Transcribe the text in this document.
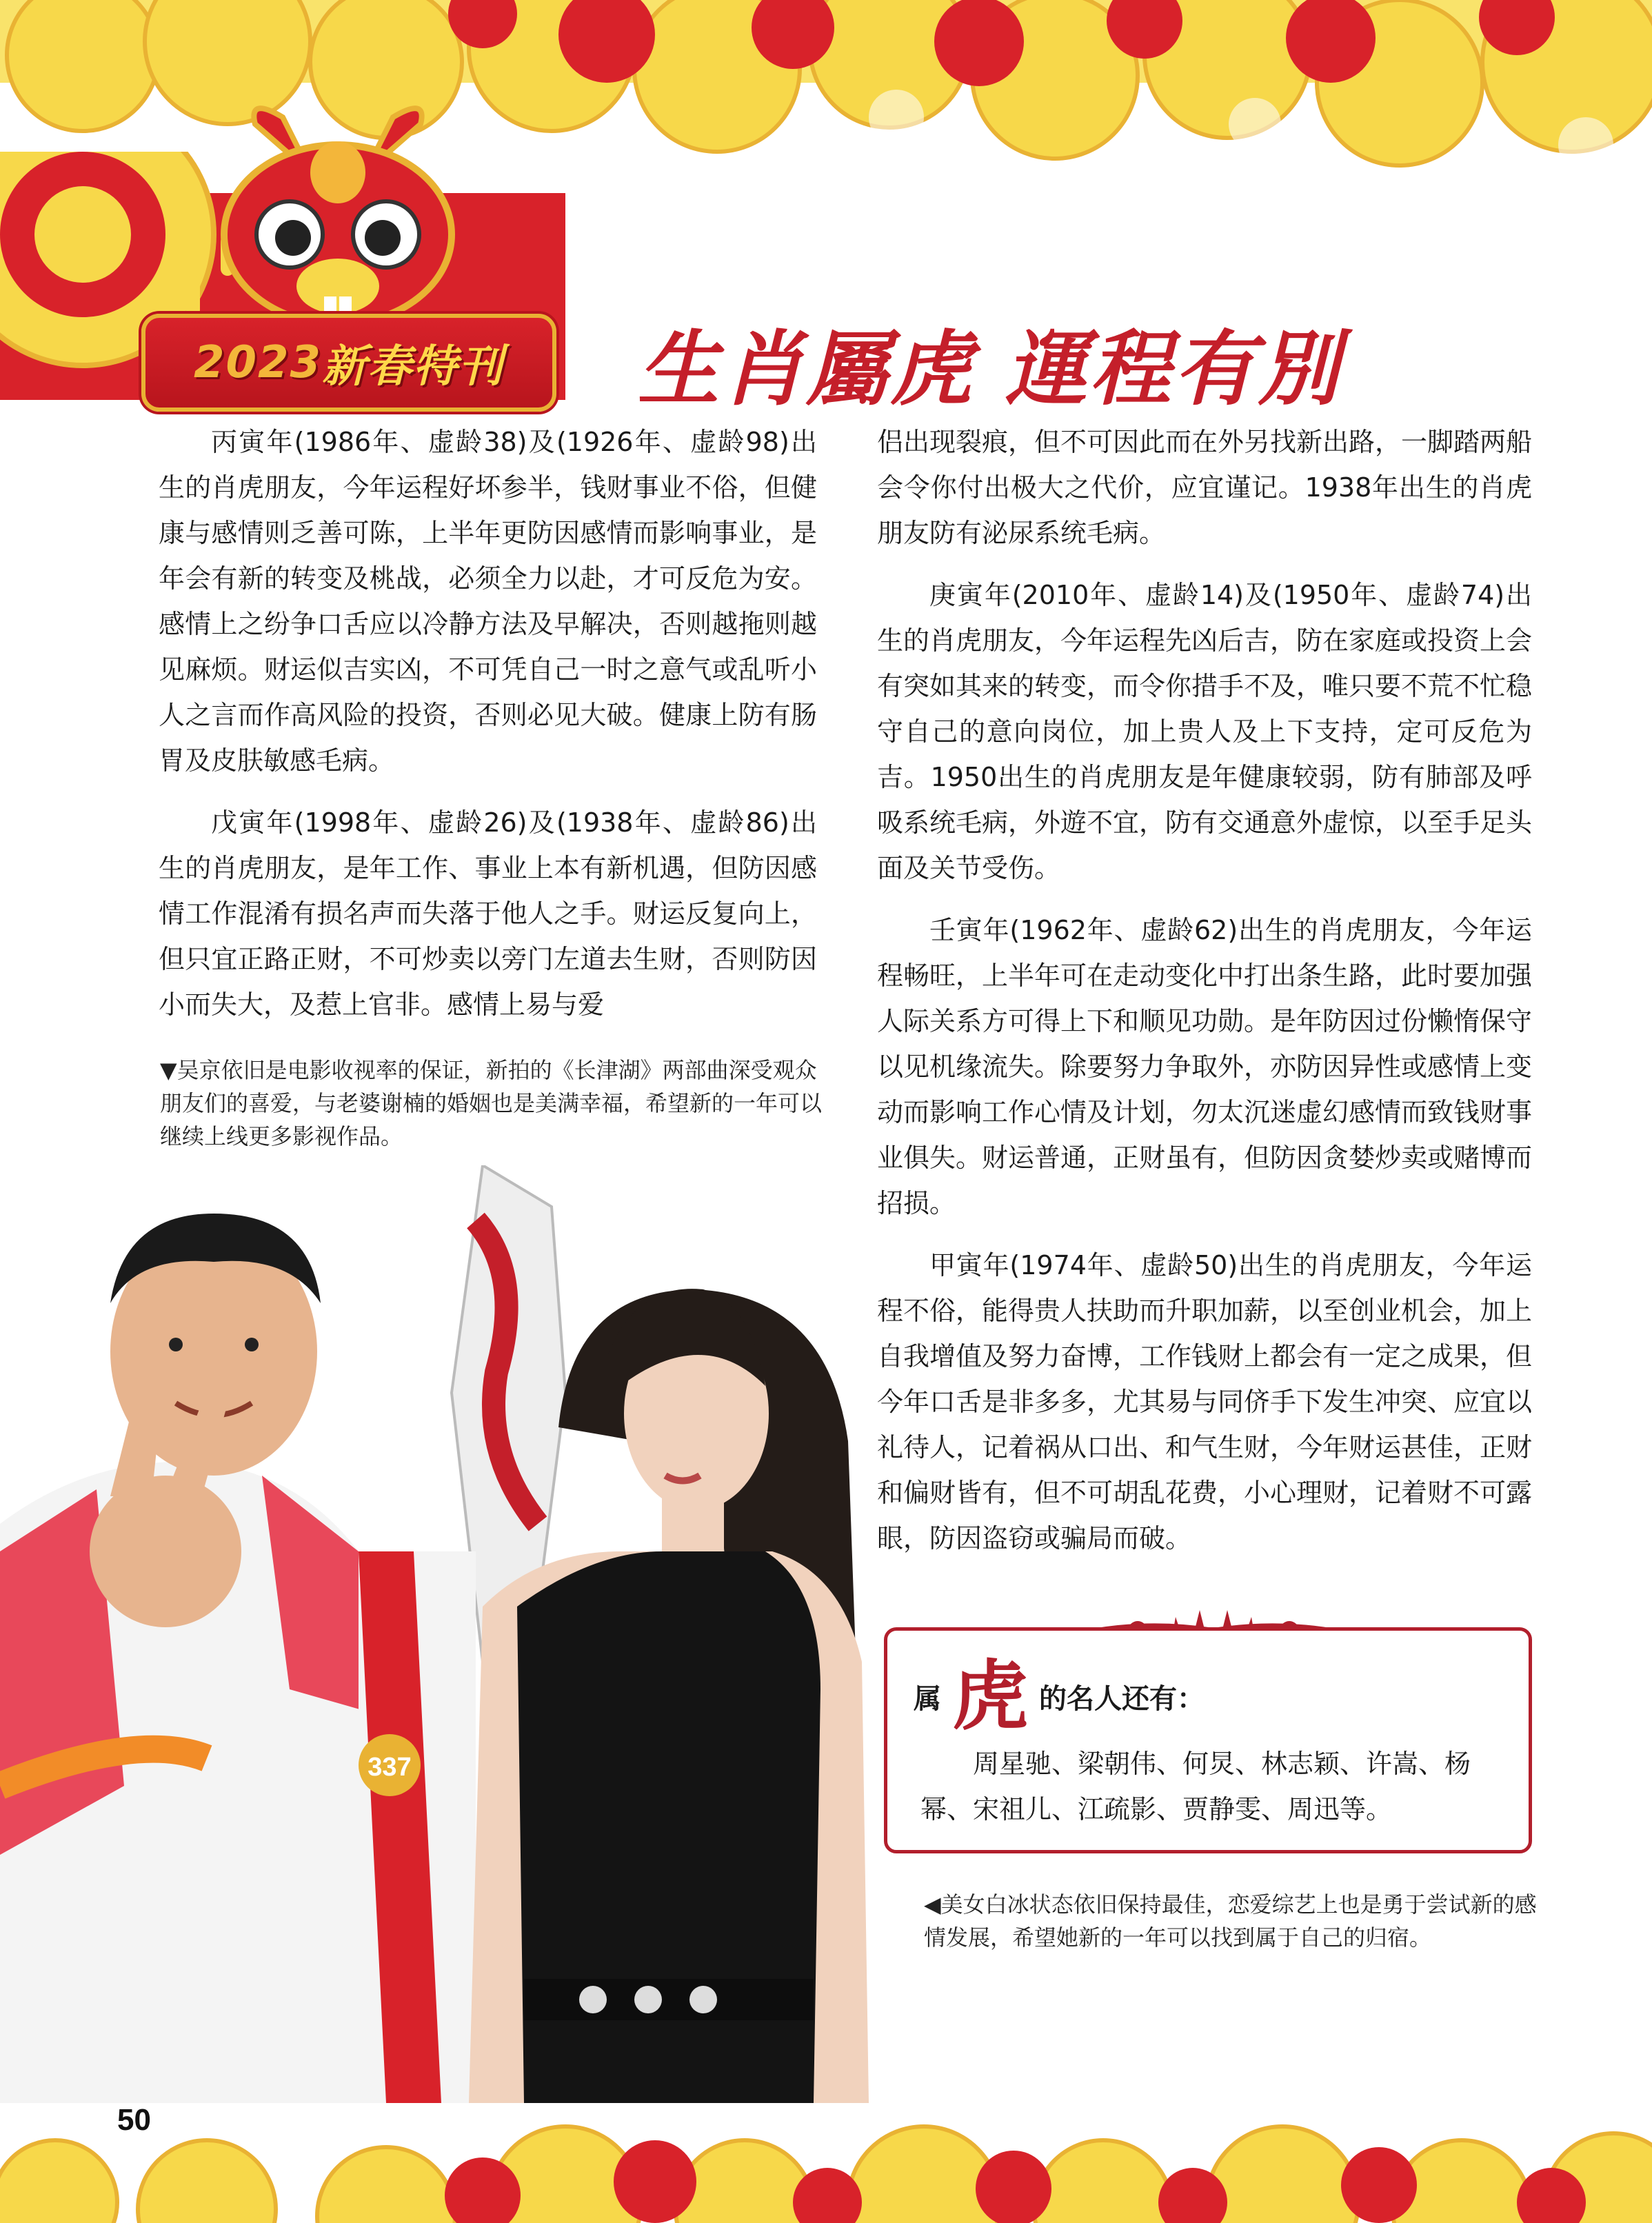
2023 新春特刊 生肖屬虎 運程有別

丙寅年(1986年、虚龄38)及(1926年、虚龄98)出生的肖虎朋友，今年运程好坏参半，钱财事业不俗，但健康与感情则乏善可陈，上半年更防因感情而影响事业，是年会有新的转变及桃战，必须全力以赴，才可反危为安。感情上之纷争口舌应以冷静方法及早解决，否则越拖则越见麻烦。财运似吉实凶，不可凭自己一时之意气或乱听小人之言而作高风险的投资，否则必见大破。健康上防有肠胃及皮肤敏感毛病。

戊寅年(1998年、虚龄26)及(1938年、虚龄86)出生的肖虎朋友，是年工作、事业上本有新机遇，但防因感情工作混淆有损名声而失落于他人之手。财运反复向上，但只宜正路正财，不可炒卖以旁门左道去生财，否则防因小而失大，及惹上官非。感情上易与爱

▼吴京依旧是电影收视率的保证，新拍的《长津湖》两部曲深受观众朋友们的喜爱，与老婆谢楠的婚姻也是美满幸福，希望新的一年可以继续上线更多影视作品。

侣出现裂痕，但不可因此而在外另找新出路，一脚踏两船会令你付出极大之代价，应宜谨记。1938年出生的肖虎朋友防有泌尿系统毛病。

庚寅年(2010年、虚龄14)及(1950年、虚龄74)出生的肖虎朋友，今年运程先凶后吉，防在家庭或投资上会有突如其来的转变，而令你措手不及，唯只要不荒不忙稳守自己的意向岗位，加上贵人及上下支持，定可反危为吉。1950出生的肖虎朋友是年健康较弱，防有肺部及呼吸系统毛病，外遊不宜，防有交通意外虚惊，以至手足头面及关节受伤。

壬寅年(1962年、虚龄62)出生的肖虎朋友，今年运程畅旺，上半年可在走动变化中打出条生路，此时要加强人际关系方可得上下和顺见功勋。是年防因过份懒惰保守以见机缘流失。除要努力争取外，亦防因异性或感情上变动而影响工作心情及计划，勿太沉迷虚幻感情而致钱财事业俱失。财运普通，正财虽有，但防因贪婪炒卖或赌博而招损。

甲寅年(1974年、虚龄50)出生的肖虎朋友，今年运程不俗，能得贵人扶助而升职加薪，以至创业机会，加上自我增值及努力奋博，工作钱财上都会有一定之成果，但今年口舌是非多多，尤其易与同侪手下发生冲突、应宜以礼待人，记着祸从口出、和气生财，今年财运甚佳，正财和偏财皆有，但不可胡乱花费，小心理财，记着财不可露眼，防因盗窃或骗局而破。

属 虎 的名人还有：
周星驰、梁朝伟、何炅、林志颖、许嵩、杨幂、宋祖儿、江疏影、贾静雯、周迅等。
◀美女白冰状态依旧保持最佳，恋爱综艺上也是勇于尝试新的感情发展，希望她新的一年可以找到属于自己的归宿。
337
50
